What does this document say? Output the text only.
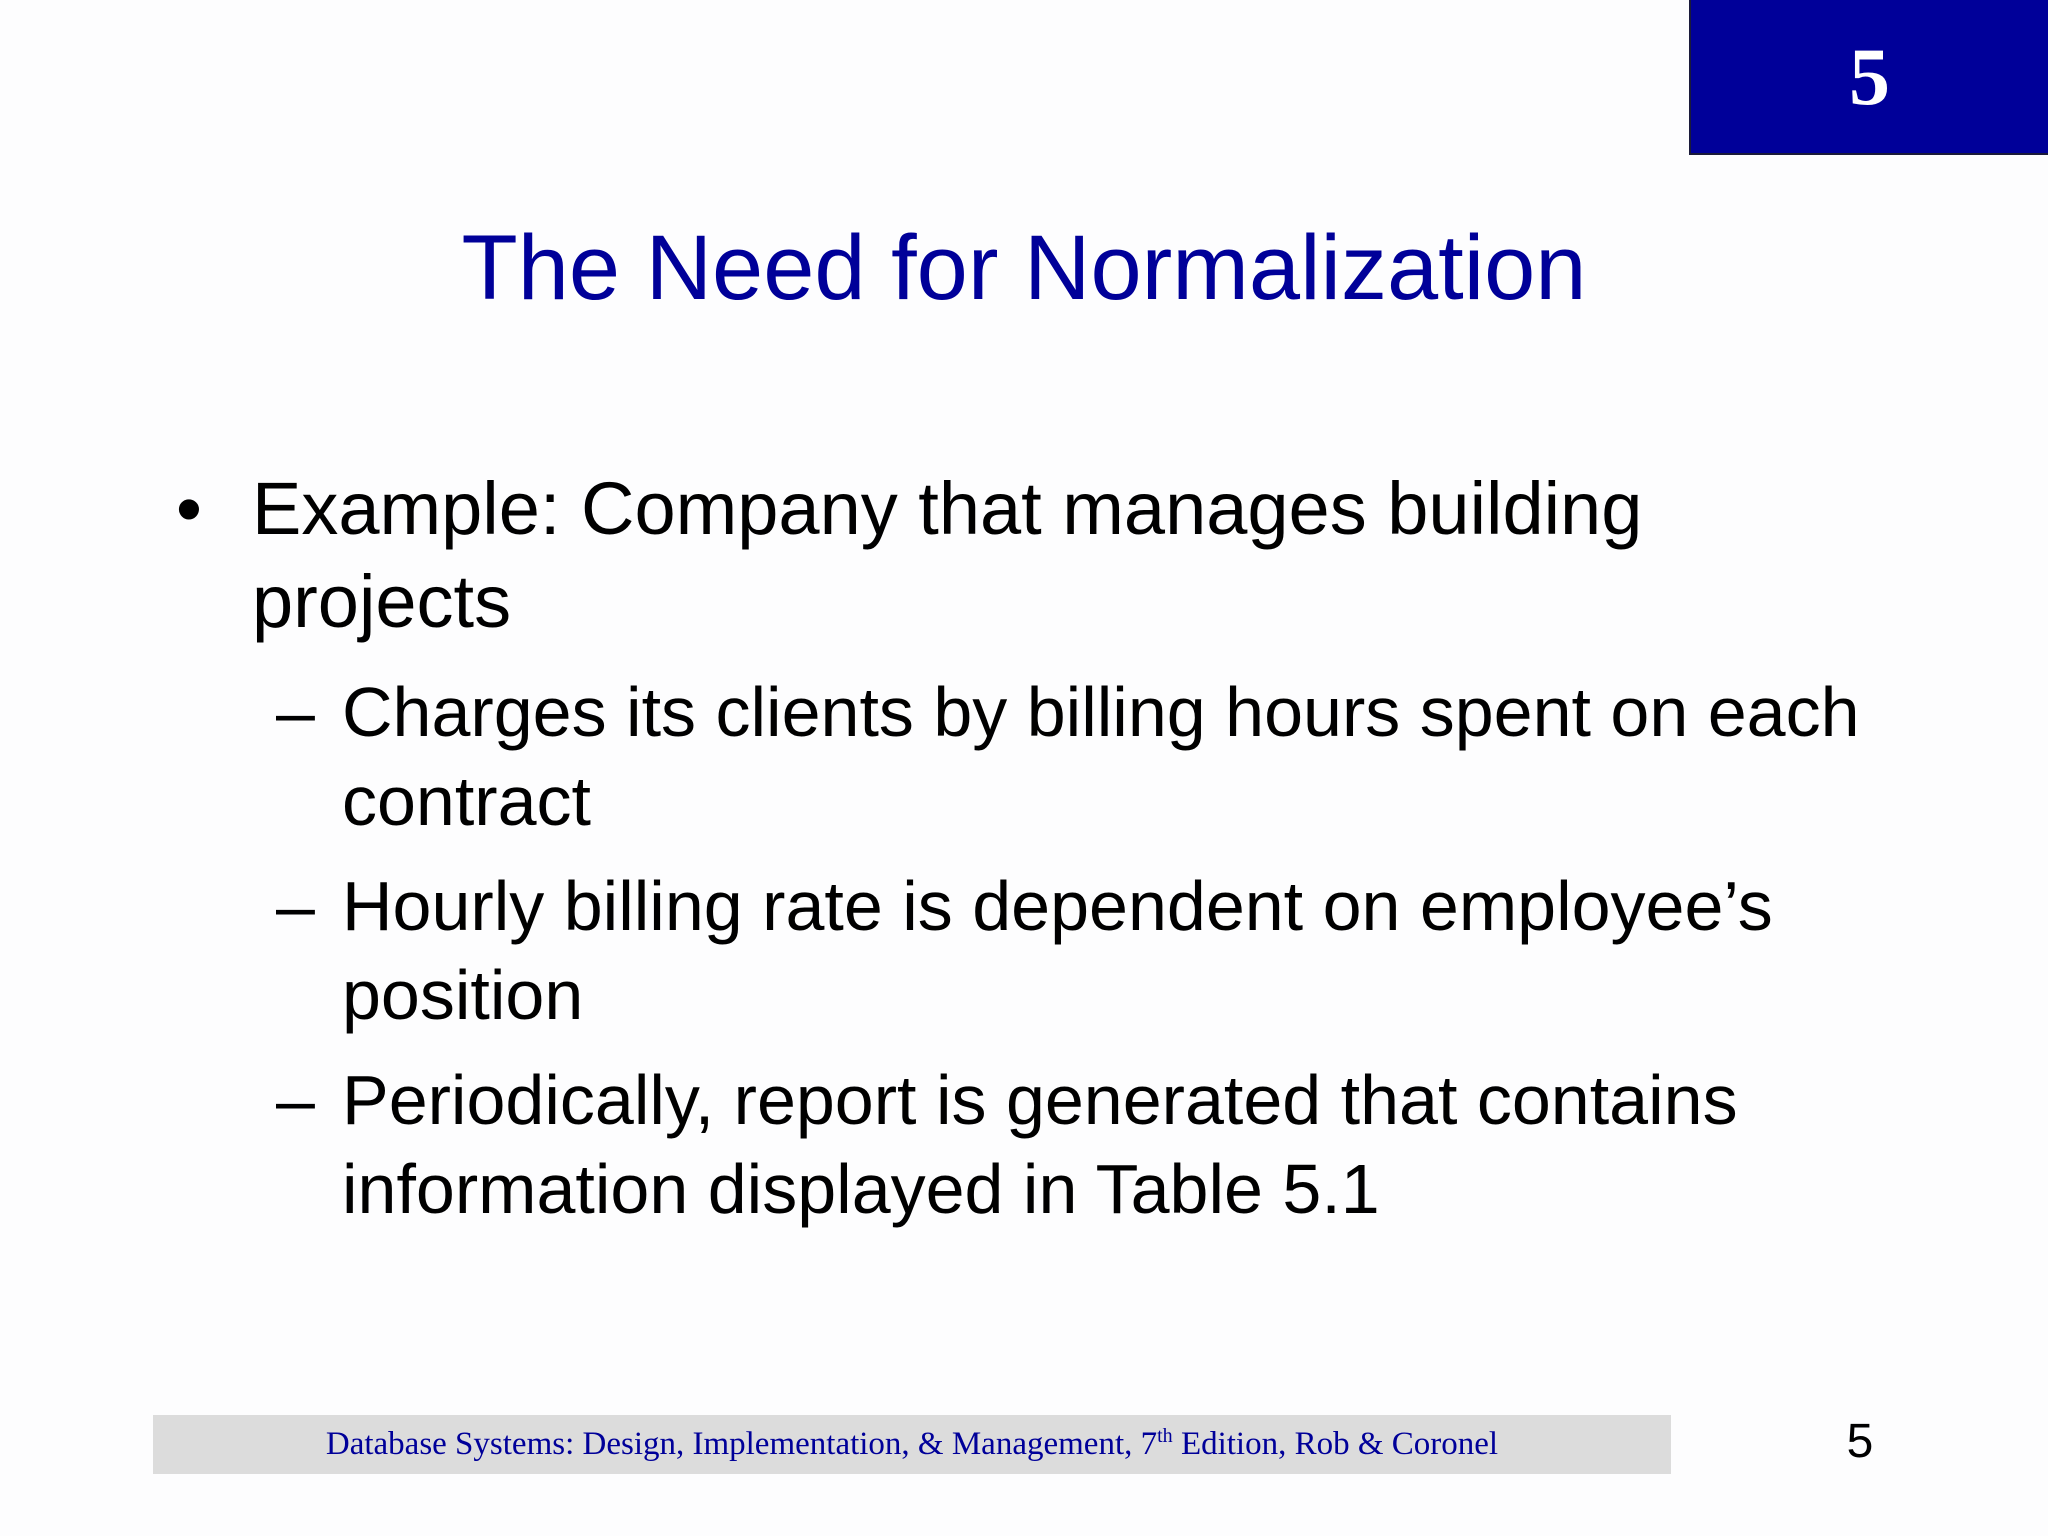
5
The Need for Normalization
• Example: Company that manages building projects
– Charges its clients by billing hours spent on each contract
– Hourly billing rate is dependent on employee’s position
– Periodically, report is generated that contains information displayed in Table 5.1
Database Systems: Design, Implementation, & Management, 7th Edition, Rob & Coronel	5
